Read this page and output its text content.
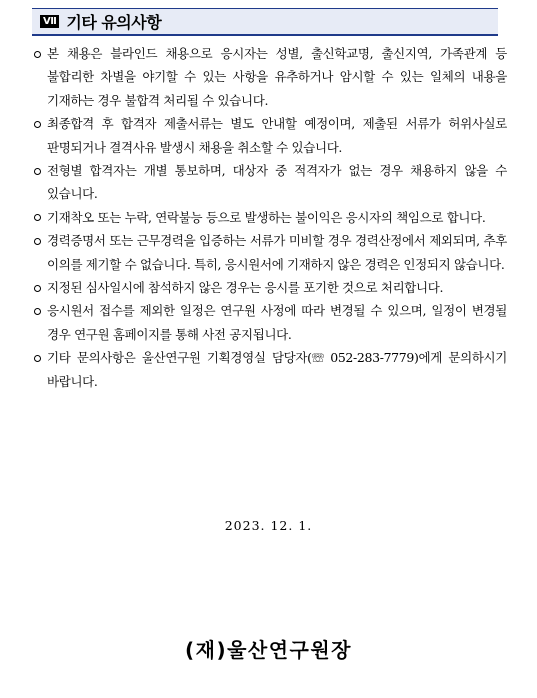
Ⅶ 기타 유의사항
본 채용은 블라인드 채용으로 응시자는 성별, 출신학교명, 출신지역, 가족관계 등 불합리한 차별을 야기할 수 있는 사항을 유추하거나 암시할 수 있는 일체의 내용을 기재하는 경우 불합격 처리될 수 있습니다.
최종합격 후 합격자 제출서류는 별도 안내할 예정이며, 제출된 서류가 허위사실로 판명되거나 결격사유 발생시 채용을 취소할 수 있습니다.
전형별 합격자는 개별 통보하며, 대상자 중 적격자가 없는 경우 채용하지 않을 수 있습니다.
기재착오 또는 누락, 연락불능 등으로 발생하는 불이익은 응시자의 책임으로 합니다.
경력증명서 또는 근무경력을 입증하는 서류가 미비할 경우 경력산정에서 제외되며, 추후 이의를 제기할 수 없습니다. 특히, 응시원서에 기재하지 않은 경력은 인정되지 않습니다.
지정된 심사일시에 참석하지 않은 경우는 응시를 포기한 것으로 처리합니다.
응시원서 접수를 제외한 일정은 연구원 사정에 따라 변경될 수 있으며, 일정이 변경될 경우 연구원 홈페이지를 통해 사전 공지됩니다.
기타 문의사항은 울산연구원 기획경영실 담당자(☏ 052-283-7779)에게 문의하시기 바랍니다.
2023. 12. 1.
(재)울산연구원장
